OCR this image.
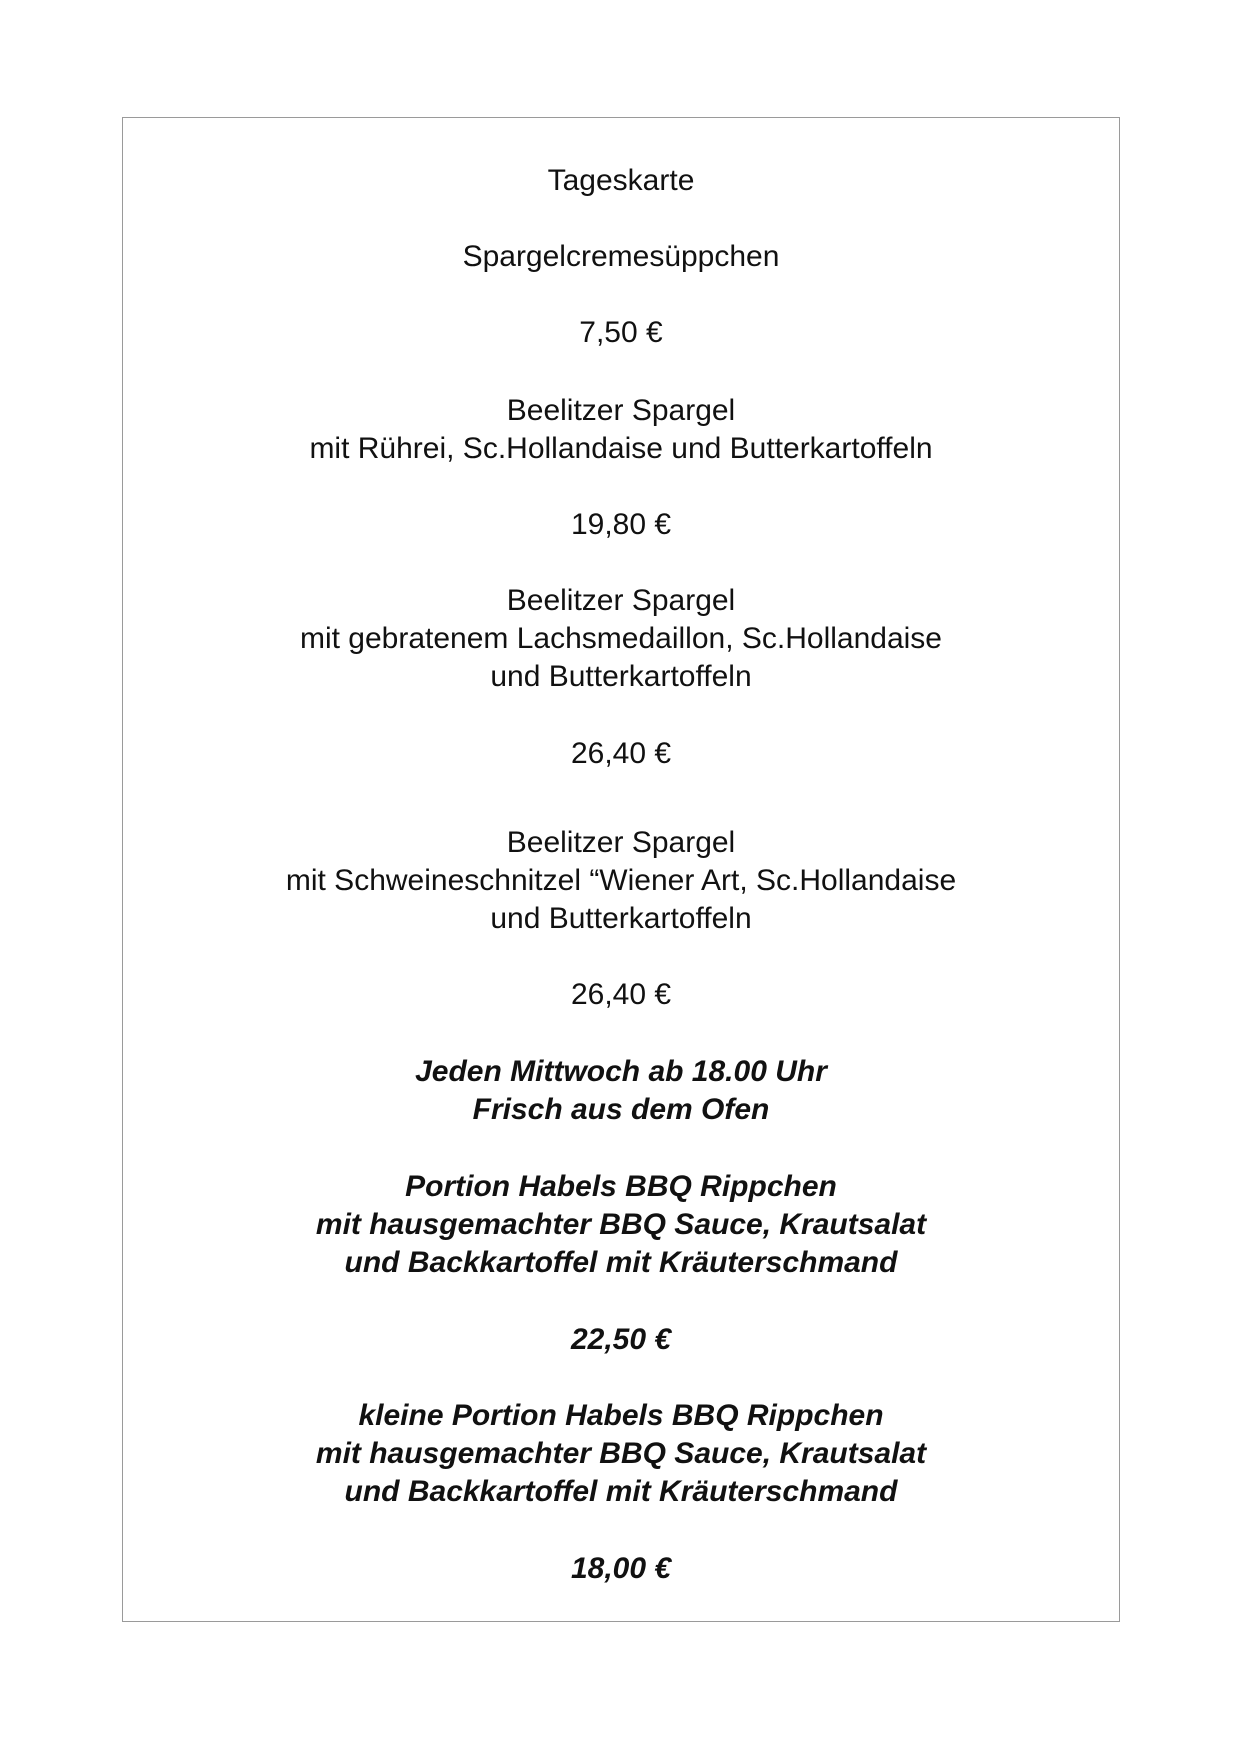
Tageskarte
Spargelcremesüppchen
7,50 €
Beelitzer Spargel
mit Rührei, Sc.Hollandaise und Butterkartoffeln
19,80 €
Beelitzer Spargel
mit gebratenem Lachsmedaillon, Sc.Hollandaise
und Butterkartoffeln
26,40 €
Beelitzer Spargel
mit Schweineschnitzel “Wiener Art, Sc.Hollandaise
und Butterkartoffeln
26,40 €
Jeden Mittwoch ab 18.00 Uhr
Frisch aus dem Ofen
Portion Habels BBQ Rippchen
mit hausgemachter BBQ Sauce, Krautsalat
und Backkartoffel mit Kräuterschmand
22,50 €
kleine Portion Habels BBQ Rippchen
mit hausgemachter BBQ Sauce, Krautsalat
und Backkartoffel mit Kräuterschmand
18,00 €
